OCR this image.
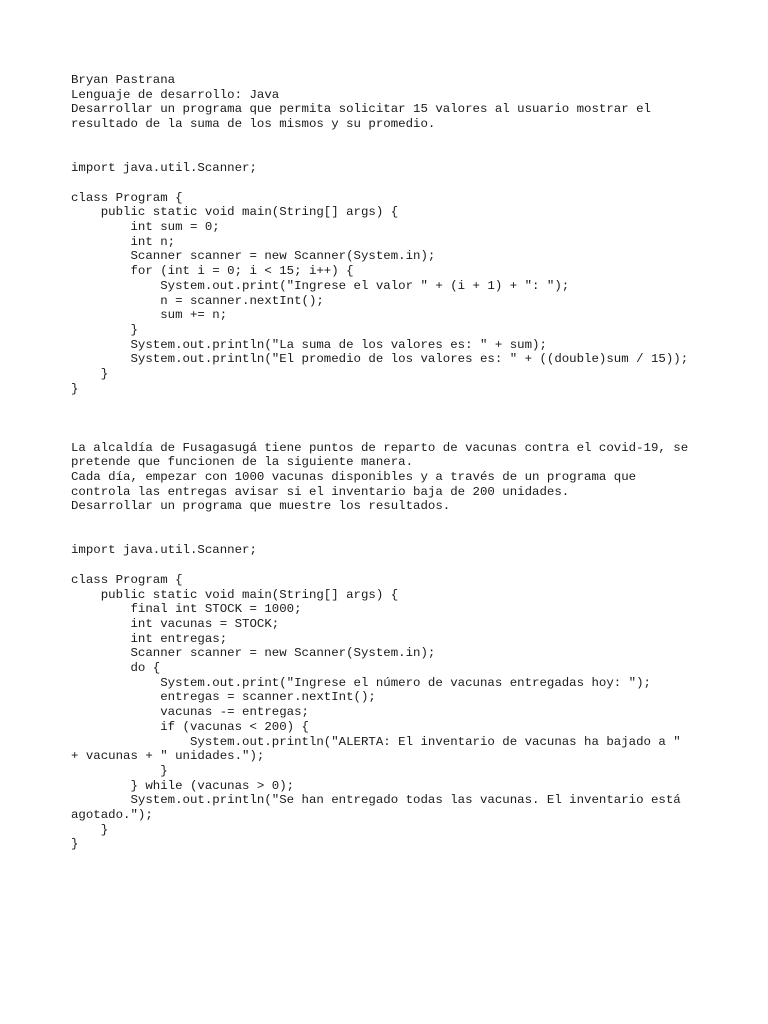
Bryan Pastrana
Lenguaje de desarrollo: Java
Desarrollar un programa que permita solicitar 15 valores al usuario mostrar el
resultado de la suma de los mismos y su promedio.
import java.util.Scanner;
class Program {
public static void main(String[] args) {
int sum = 0;
int n;
Scanner scanner = new Scanner(System.in);
for (int i = 0; i < 15; i++) {
System.out.print("Ingrese el valor " + (i + 1) + ": ");
n = scanner.nextInt();
sum += n;
}
System.out.println("La suma de los valores es: " + sum);
System.out.println("El promedio de los valores es: " + ((double)sum / 15));
}
}
La alcaldía de Fusagasugá tiene puntos de reparto de vacunas contra el covid-19, se
pretende que funcionen de la siguiente manera.
Cada día, empezar con 1000 vacunas disponibles y a través de un programa que
controla las entregas avisar si el inventario baja de 200 unidades.
Desarrollar un programa que muestre los resultados.
import java.util.Scanner;
class Program {
public static void main(String[] args) {
final int STOCK = 1000;
int vacunas = STOCK;
int entregas;
Scanner scanner = new Scanner(System.in);
do {
System.out.print("Ingrese el número de vacunas entregadas hoy: ");
entregas = scanner.nextInt();
vacunas -= entregas;
if (vacunas < 200) {
System.out.println("ALERTA: El inventario de vacunas ha bajado a "
+ vacunas + " unidades.");
}
} while (vacunas > 0);
System.out.println("Se han entregado todas las vacunas. El inventario está
agotado.");
}
}
